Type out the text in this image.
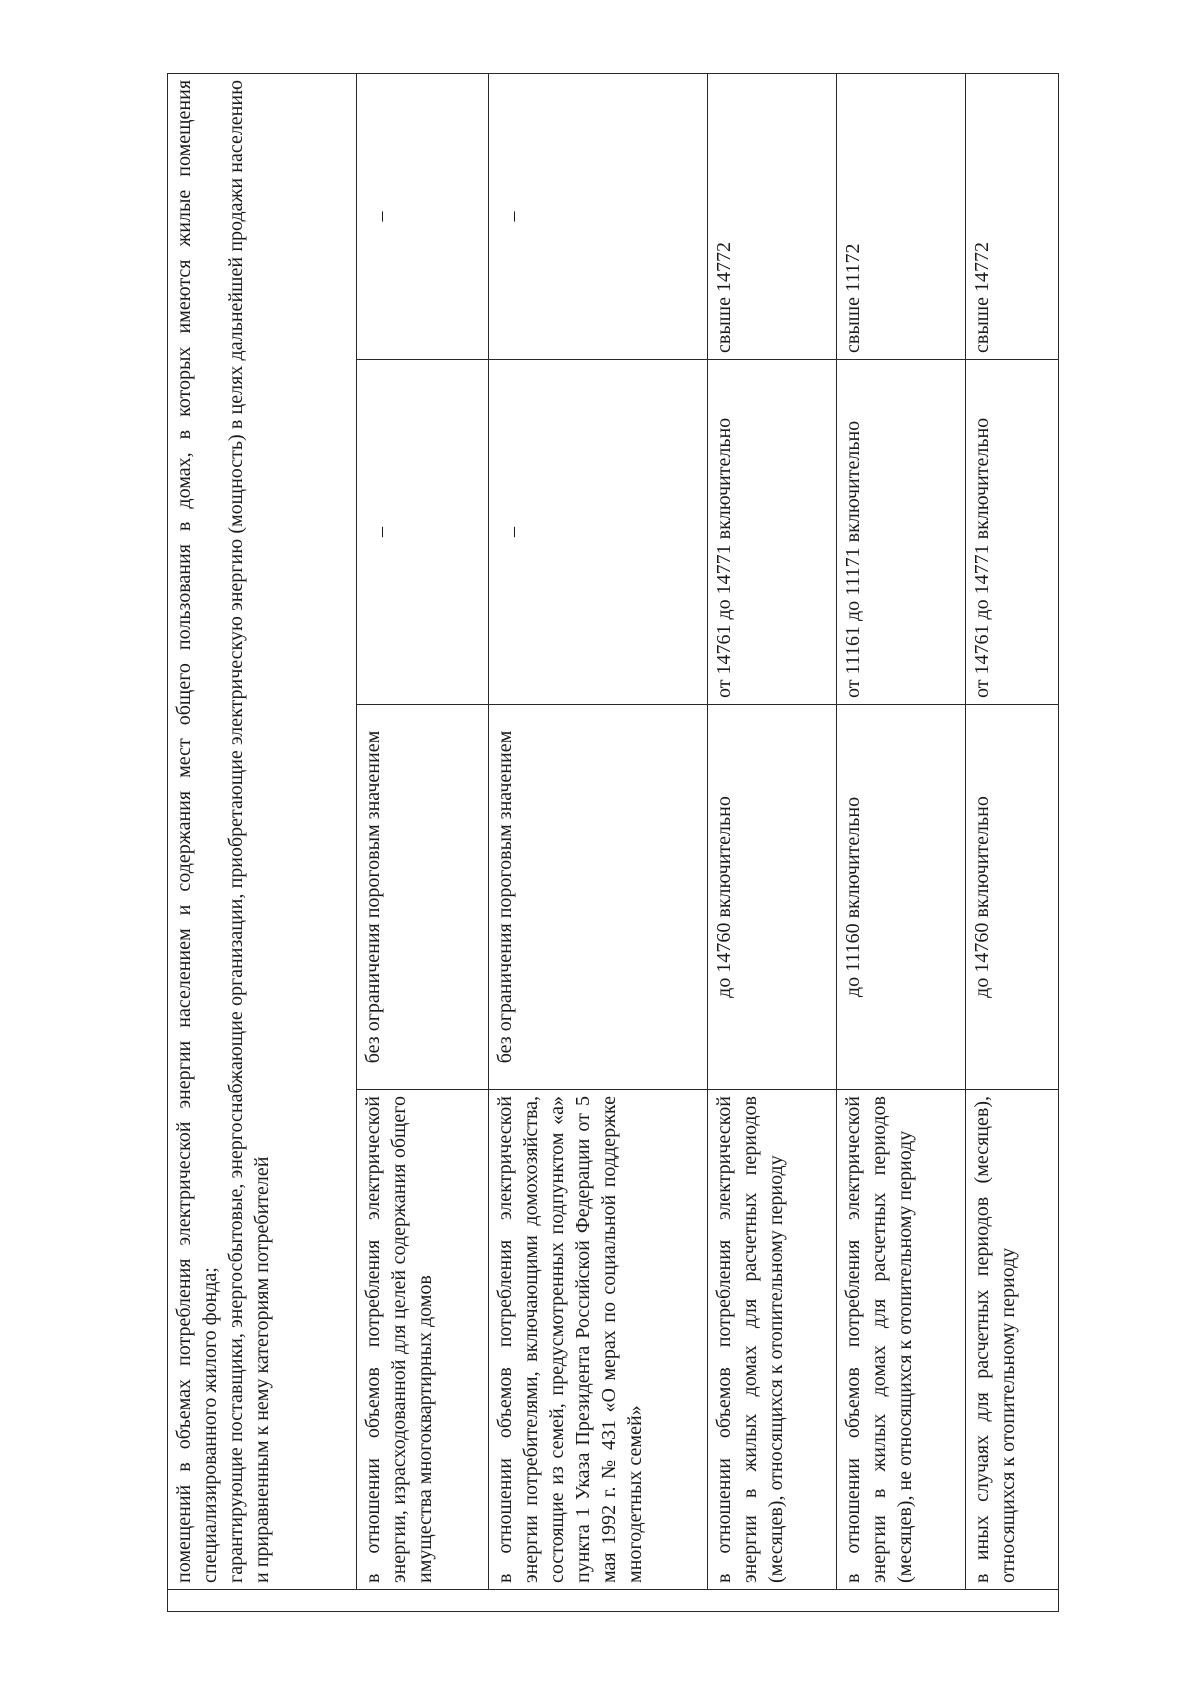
	помещений в объемах потребления электрической энергии населением и содержания мест общего пользования в домах, в которых имеются жилые помещения специализированного жилого фонда; гарантирующие поставщики, энергосбытовые, энергоснабжающие организации, приобретающие электрическую энергию (мощность) в целях дальнейшей продажи населению и приравненным к нему категориям потребителей			

	в отношении объемов потребления электрической энергии, израсходованной для целей содержания общего имущества многоквартирных домов	без ограничения пороговым значением	–	–

	в отношении объемов потребления электрической энергии потребителями, включающими домохозяйства, состоящие из семей, предусмотренных подпунктом «а» пункта 1 Указа Президента Российской Федерации от 5 мая 1992 г. № 431 «О мерах по социальной поддержке многодетных семей»	без ограничения пороговым значением	–	–

	в отношении объемов потребления электрической энергии в жилых домах для расчетных периодов (месяцев), относящихся к отопительному периоду	до 14760 включительно	от 14761 до 14771 включительно	свыше 14772
	в отношении объемов потребления электрической энергии в жилых домах для расчетных периодов (месяцев), не относящихся к отопительному периоду	до 11160 включительно	от 11161 до 11171 включительно	свыше 11172
	в иных случаях для расчетных периодов (месяцев), относящихся к отопительному периоду	до 14760 включительно	от 14761 до 14771 включительно	свыше 14772
